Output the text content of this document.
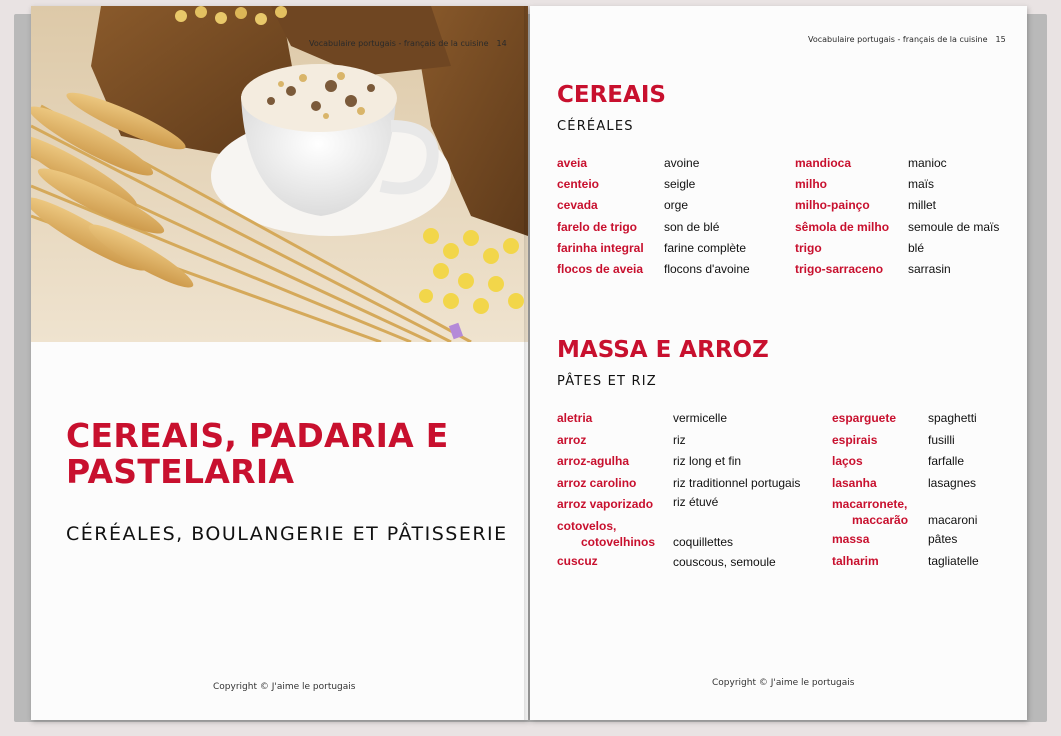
Vocabulaire portugais - français de la cuisine 14
CEREAIS, PADARIA E PASTELARIA
CÉRÉALES, BOULANGERIE ET PÂTISSERIE
Copyright © J'aime le portugais
Vocabulaire portugais - français de la cuisine 15
CEREAIS
CÉRÉALES
aveia	avoine
centeio	seigle
cevada	orge
farelo de trigo	son de blé
farinha integral	farine complète
flocos de aveia	flocons d'avoine
mandioca	manioc
milho	maïs
milho-painço	millet
sêmola de milho	semoule de maïs
trigo	blé
trigo-sarraceno	sarrasin
MASSA E ARROZ
PÂTES ET RIZ
aletria	vermicelle
arroz	riz
arroz-agulha	riz long et fin
arroz carolino	riz traditionnel portugais
arroz vaporizado	riz étuvé
cotovelos,
cotovelhinos	coquillettes
cuscuz	couscous, semoule
esparguete	spaghetti
espirais	fusilli
laços	farfalle
lasanha	lasagnes
macarronete,
maccarão	macaroni
massa	pâtes
talharim	tagliatelle
Copyright © J'aime le portugais
